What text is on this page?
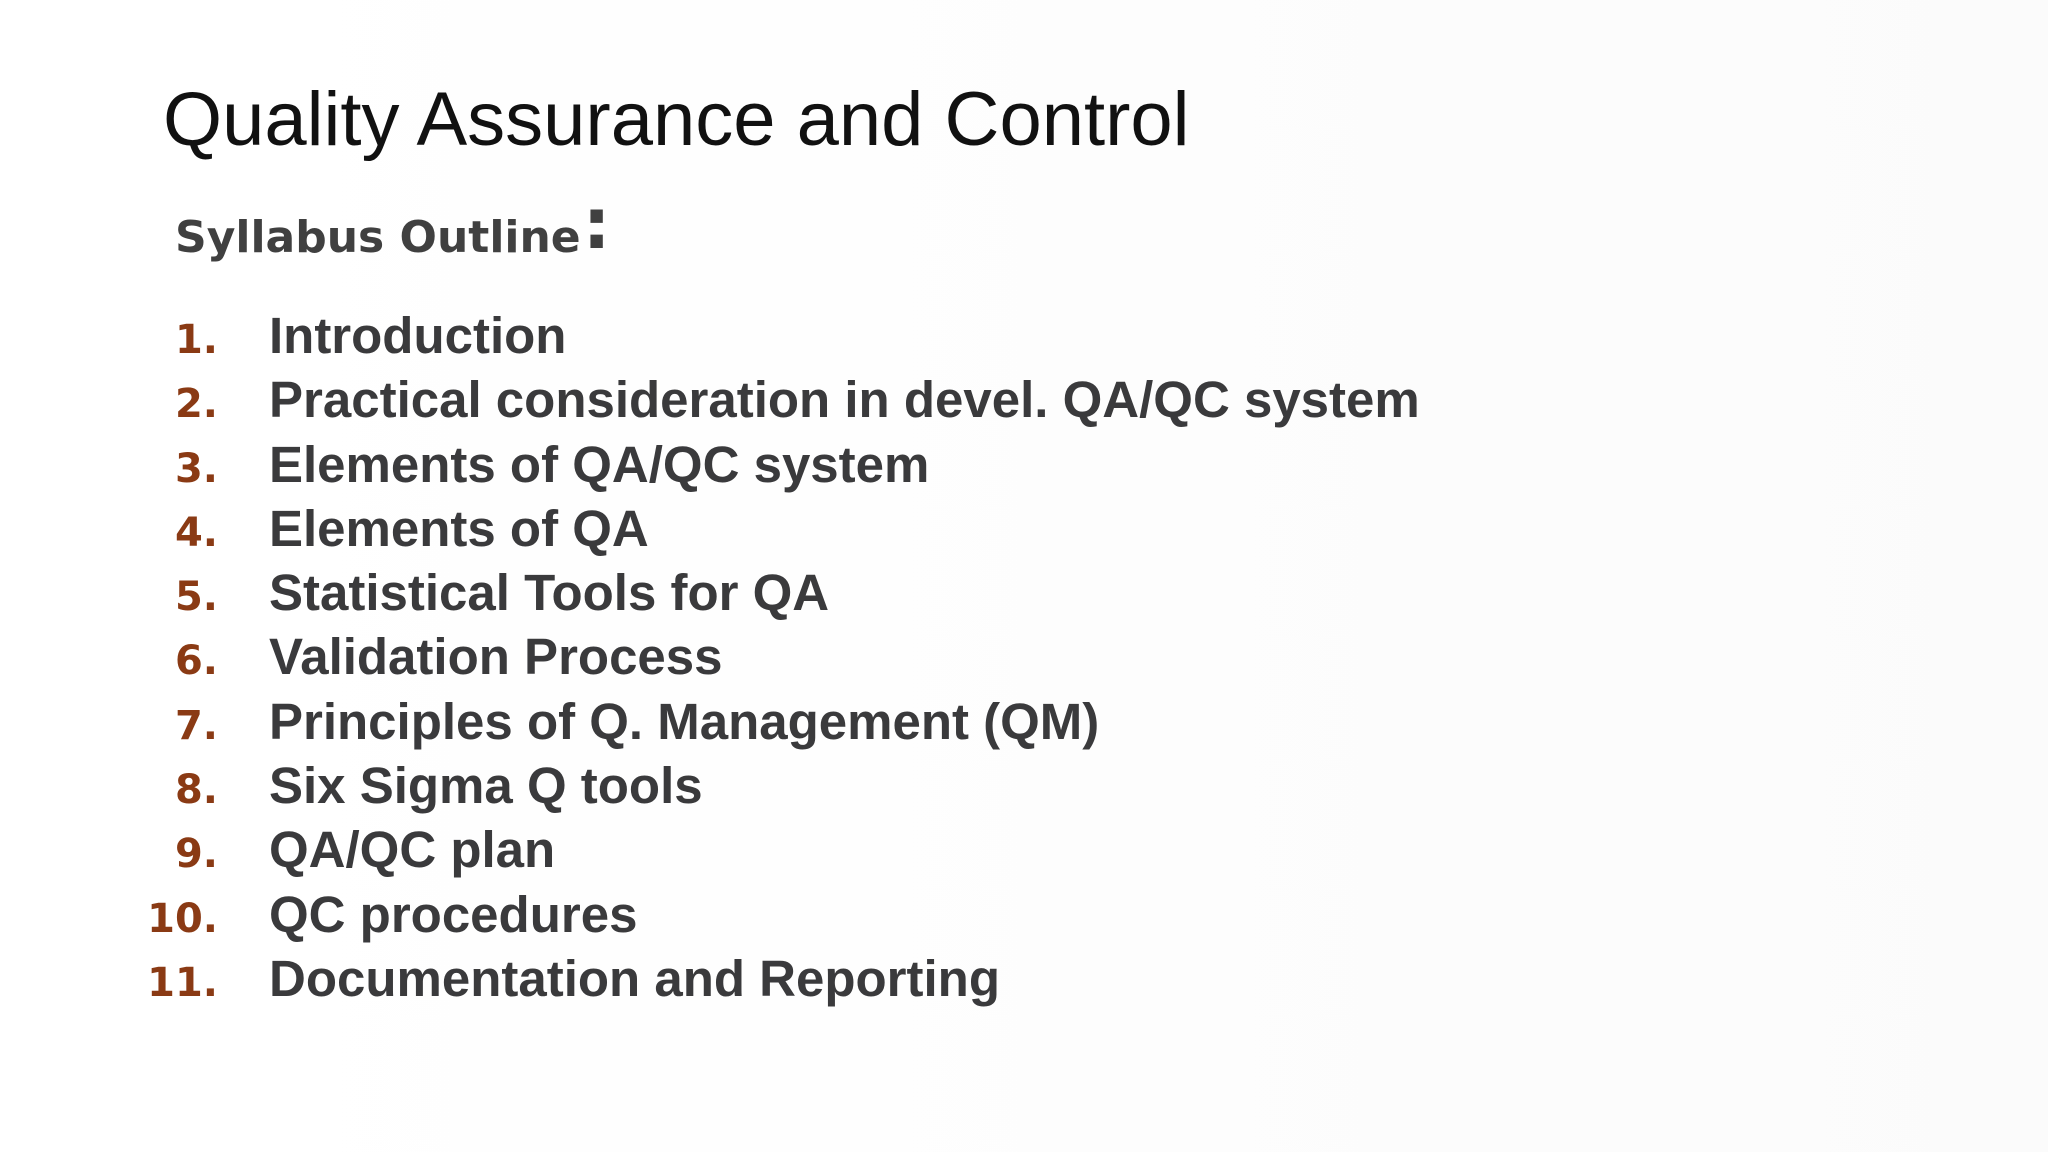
Quality Assurance and Control
Syllabus Outline:
1. Introduction
2. Practical consideration in devel. QA/QC system
3. Elements of QA/QC system
4. Elements of QA
5. Statistical Tools for QA
6. Validation Process
7. Principles of Q. Management (QM)
8. Six Sigma Q tools
9. QA/QC plan
10. QC procedures
11. Documentation and Reporting
